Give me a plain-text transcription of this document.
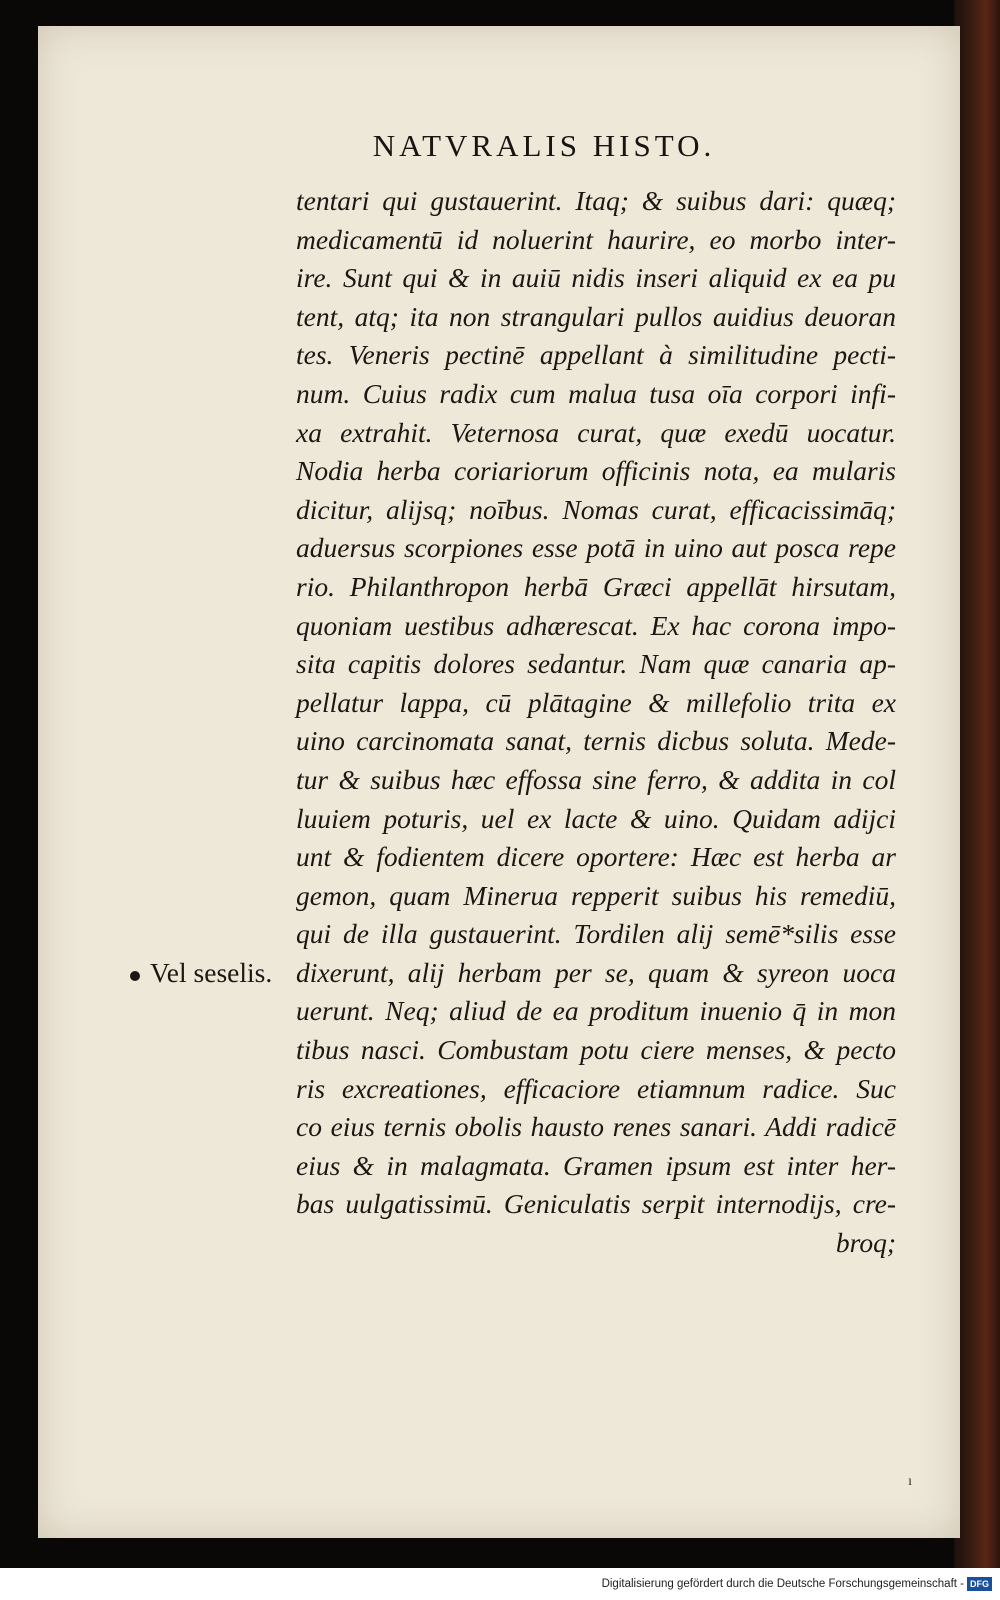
NATVRALIS HISTO.
tentari qui gustauerint. Itaq; & suibus dari: quæq;
medicamentū id noluerint haurire, eo morbo inter-
ire. Sunt qui & in auiū nidis inseri aliquid ex ea pu
tent, atq; ita non strangulari pullos auidius deuoran
tes. Veneris pectinē appellant à similitudine pecti-
num. Cuius radix cum malua tusa oīa corpori infi-
xa extrahit. Veternosa curat, quæ exedū uocatur.
Nodia herba coriariorum officinis nota, ea mularis
dicitur, alijsq; noībus. Nomas curat, efficacissimāq;
aduersus scorpiones esse potā in uino aut posca repe
rio. Philanthropon herbā Græci appellāt hirsutam,
quoniam uestibus adhærescat. Ex hac corona impo-
sita capitis dolores sedantur. Nam quæ canaria ap-
pellatur lappa, cū plātagine & millefolio trita ex
uino carcinomata sanat, ternis dicbus soluta. Mede-
tur & suibus hæc effossa sine ferro, & addita in col
luuiem poturis, uel ex lacte & uino. Quidam adijci
unt & fodientem dicere oportere: Hæc est herba ar
gemon, quam Mineruа repperit suibus his remediū,
qui de illa gustauerint. Tordilen alij semē*silis esse
dixerunt, alij herbam per se, quam & syreon uoca
uerunt. Neq; aliud de ea proditum inuenio q̄ in mon
tibus nasci. Combustam potu ciere menses, & pecto
ris excreationes, efficaciore etiamnum radice. Suc
co eius ternis obolis hausto renes sanari. Addi radicē
eius & in malagmata. Gramen ipsum est inter her-
bas uulgatissimū. Geniculatis serpit internodijs, cre-
broq;
Vel seselis.
ı
Digitalisierung gefördert durch die Deutsche Forschungsgemeinschaft - DFG
